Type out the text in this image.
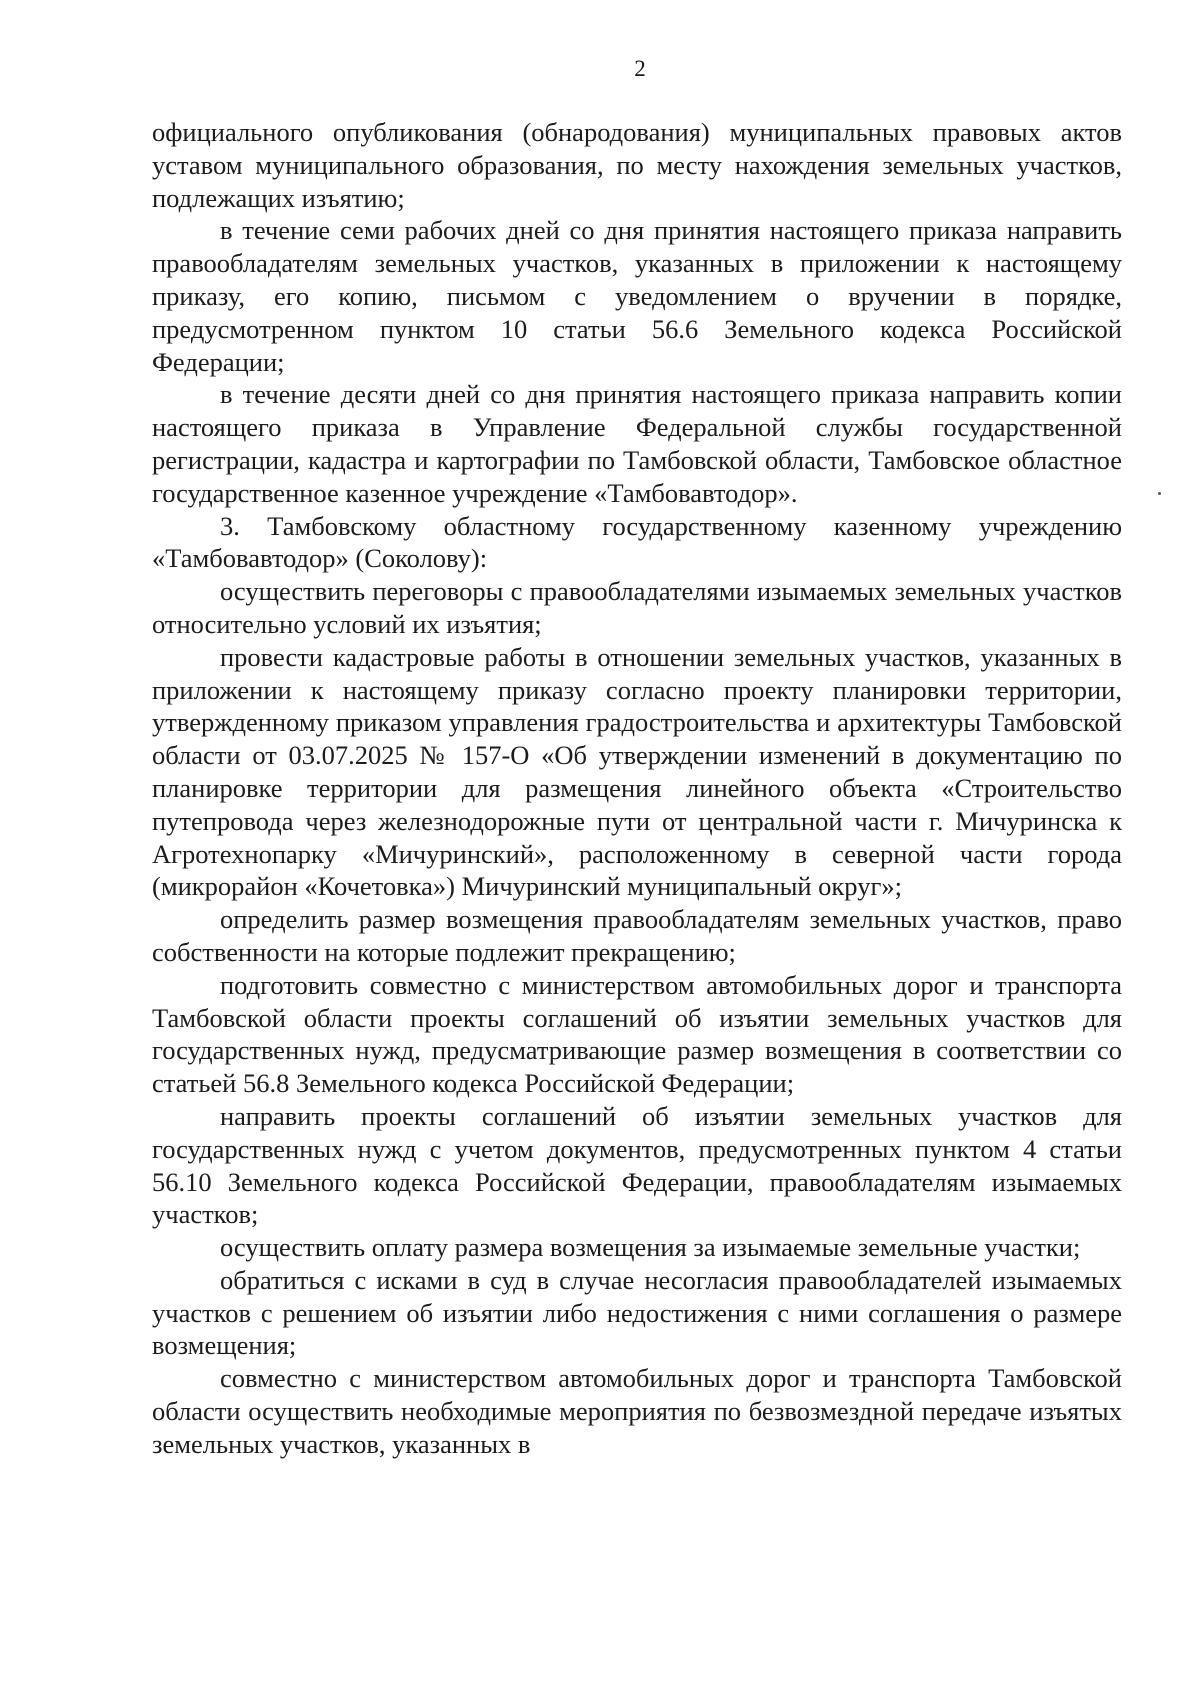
2

официального опубликования (обнародования) муниципальных правовых актов уставом муниципального образования, по месту нахождения земельных участков, подлежащих изъятию;

в течение семи рабочих дней со дня принятия настоящего приказа направить правообладателям земельных участков, указанных в приложении к настоящему приказу, его копию, письмом с уведомлением о вручении в порядке, предусмотренном пунктом 10 статьи 56.6 Земельного кодекса Российской Федерации;

в течение десяти дней со дня принятия настоящего приказа направить копии настоящего приказа в Управление Федеральной службы государственной регистрации, кадастра и картографии по Тамбовской области, Тамбовское областное государственное казенное учреждение «Тамбовавтодор».

3. Тамбовскому областному государственному казенному учреждению «Тамбовавтодор» (Соколову):

осуществить переговоры с правообладателями изымаемых земельных участков относительно условий их изъятия;

провести кадастровые работы в отношении земельных участков, указанных в приложении к настоящему приказу согласно проекту планировки территории, утвержденному приказом управления градостроительства и архитектуры Тамбовской области от 03.07.2025 № 157-О «Об утверждении изменений в документацию по планировке территории для размещения линейного объекта «Строительство путепровода через железнодорожные пути от центральной части г. Мичуринска к Агротехнопарку «Мичуринский», расположенному в северной части города (микрорайон «Кочетовка») Мичуринский муниципальный округ»;

определить размер возмещения правообладателям земельных участков, право собственности на которые подлежит прекращению;

подготовить совместно с министерством автомобильных дорог и транспорта Тамбовской области проекты соглашений об изъятии земельных участков для государственных нужд, предусматривающие размер возмещения в соответствии со статьей 56.8 Земельного кодекса Российской Федерации;

направить проекты соглашений об изъятии земельных участков для государственных нужд с учетом документов, предусмотренных пунктом 4 статьи 56.10 Земельного кодекса Российской Федерации, правообладателям изымаемых участков;

осуществить оплату размера возмещения за изымаемые земельные участки;

обратиться с исками в суд в случае несогласия правообладателей изымаемых участков с решением об изъятии либо недостижения с ними соглашения о размере возмещения;

совместно с министерством автомобильных дорог и транспорта Тамбовской области осуществить необходимые мероприятия по безвозмездной передаче изъятых земельных участков, указанных в
